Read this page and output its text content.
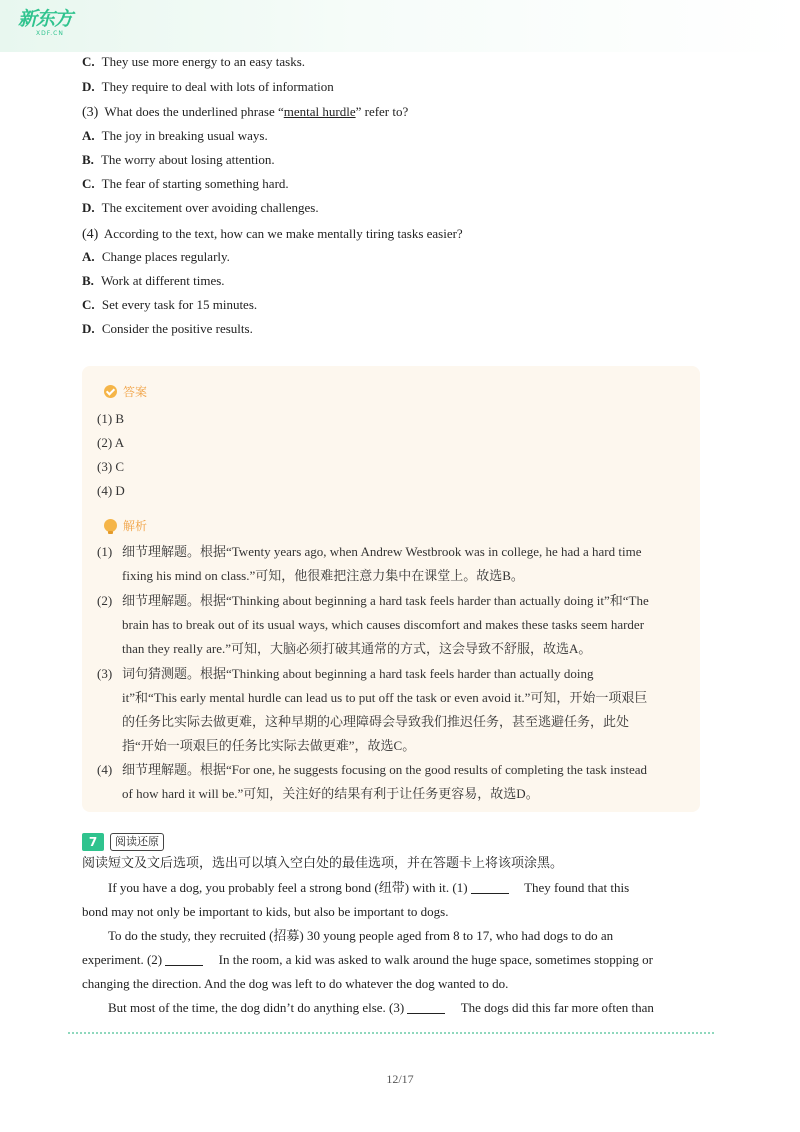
新东方
XDF.CN
C. They use more energy to an easy tasks.
D. They require to deal with lots of information
(3) What does the underlined phrase “mental hurdle” refer to?
A. The joy in breaking usual ways.
B. The worry about losing attention.
C. The fear of starting something hard.
D. The excitement over avoiding challenges.
(4) According to the text, how can we make mentally tiring tasks easier?
A. Change places regularly.
B. Work at different times.
C. Set every task for 15 minutes.
D. Consider the positive results.
答案
(1) B
(2) A
(3) C
(4) D
解析
(1) 细节理解题。根据“Twenty years ago, when Andrew Westbrook was in college, he had a hard time
fixing his mind on class.”可知，他很难把注意力集中在课堂上。故选B。
(2) 细节理解题。根据“Thinking about beginning a hard task feels harder than actually doing it”和“The
brain has to break out of its usual ways, which causes discomfort and makes these tasks seem harder
than they really are.”可知，大脑必须打破其通常的方式，这会导致不舒服，故选A。
(3) 词句猜测题。根据“Thinking about beginning a hard task feels harder than actually doing
it”和“This early mental hurdle can lead us to put off the task or even avoid it.”可知，开始一项艰巨
的任务比实际去做更难，这种早期的心理障碍会导致我们推迟任务，甚至逃避任务，此处
指“开始一项艰巨的任务比实际去做更难”，故选C。
(4) 细节理解题。根据“For one, he suggests focusing on the good results of completing the task instead
of how hard it will be.”可知，关注好的结果有利于让任务更容易，故选D。
7	阅读还原
阅读短文及文后选项，选出可以填入空白处的最佳选项，并在答题卡上将该项涂黑。
If you have a dog, you probably feel a strong bond (纽带) with it. (1)	They found that this
bond may not only be important to kids, but also be important to dogs.
To do the study, they recruited (招募) 30 young people aged from 8 to 17, who had dogs to do an
experiment. (2)	In the room, a kid was asked to walk around the huge space, sometimes stopping or
changing the direction. And the dog was left to do whatever the dog wanted to do.
But most of the time, the dog didn’t do anything else. (3)	The dogs did this far more often than
12/17
